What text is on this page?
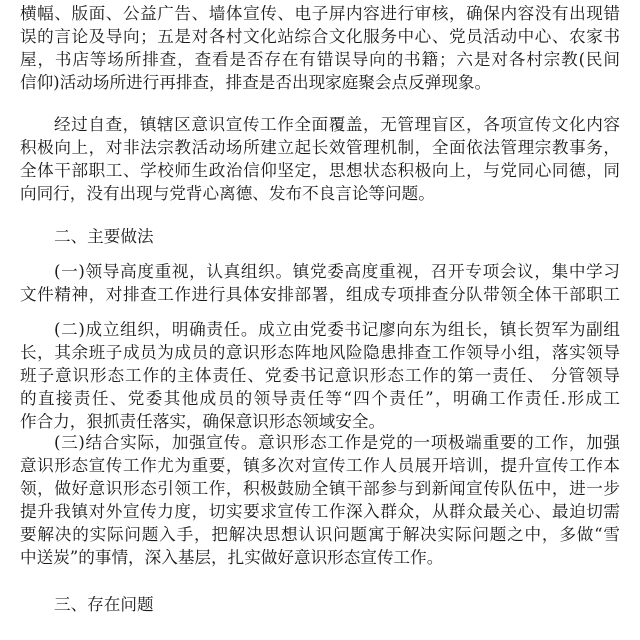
横幅、版面、公益广告、墙体宣传、电子屏内容进行审核，确保内容没有出现错
误的言论及导向；五是对各村文化站综合文化服务中心、党员活动中心、农家书
屋，书店等场所排查，查看是否存在有错误导向的书籍；六是对各村宗教(民间
信仰)活动场所进行再排查，排查是否出现家庭聚会点反弹现象。
经过自查，镇辖区意识宣传工作全面覆盖，无管理盲区，各项宣传文化内容
积极向上，对非法宗教活动场所建立起长效管理机制，全面依法管理宗教事务，
全体干部职工、学校师生政治信仰坚定，思想状态积极向上，与党同心同德，同
向同行，没有出现与党背心离德、发布不良言论等问题。
二、主要做法
(一)领导高度重视，认真组织。镇党委高度重视，召开专项会议，集中学习
文件精神，对排查工作进行具体安排部署，组成专项排查分队带领全体干部职工
(二)成立组织，明确责任。成立由党委书记廖向东为组长，镇长贺军为副组
长，其余班子成员为成员的意识形态阵地风险隐患排查工作领导小组，落实领导
班子意识形态工作的主体责任、党委书记意识形态工作的第一责任、 分管领导
的直接责任、党委其他成员的领导责任等“四个责任”，明确工作责任.形成工
作合力，狠抓责任落实，确保意识形态领域安全。
(三)结合实际，加强宣传。意识形态工作是党的一项极端重要的工作，加强
意识形态宣传工作尤为重要，镇多次对宣传工作人员展开培训，提升宣传工作本
领，做好意识形态引领工作，积极鼓励全镇干部参与到新闻宣传队伍中，进一步
提升我镇对外宣传力度，切实要求宣传工作深入群众，从群众最关心、最迫切需
要解决的实际问题入手，把解决思想认识问题寓于解决实际问题之中，多做“雪
中送炭”的事情，深入基层，扎实做好意识形态宣传工作。
三、存在问题
